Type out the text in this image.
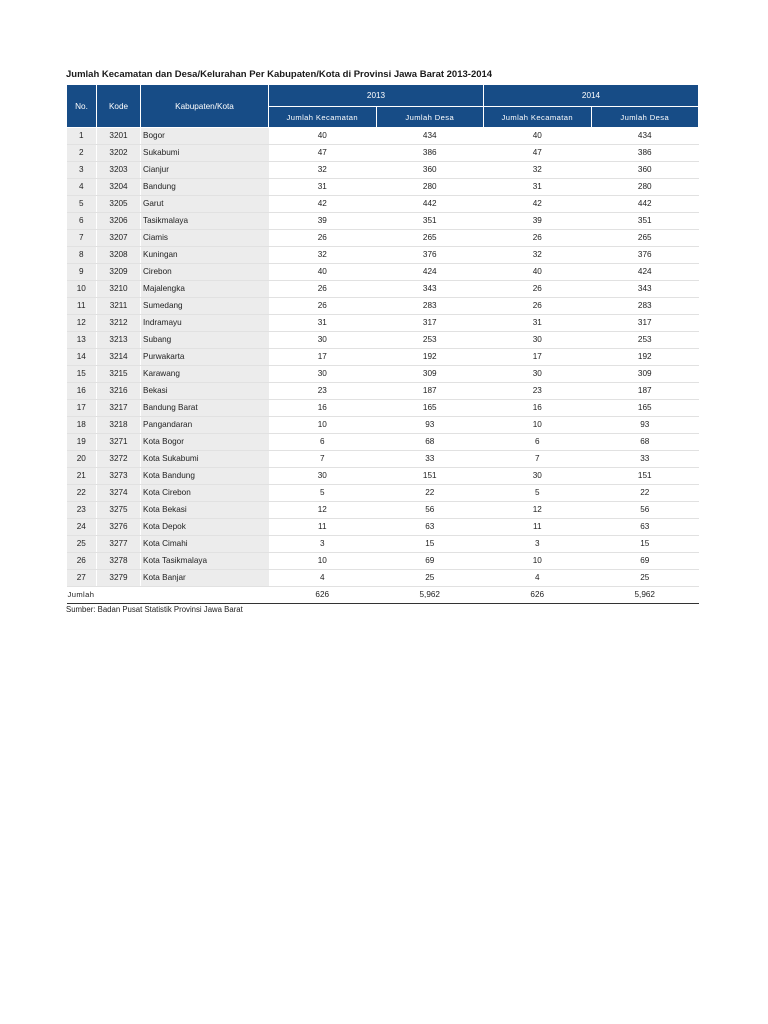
Jumlah Kecamatan dan Desa/Kelurahan Per Kabupaten/Kota di Provinsi Jawa Barat 2013-2014
No.	Kode	Kabupaten/Kota	2013		2014	
			Jumlah Kecamatan	Jumlah Desa	Jumlah Kecamatan	Jumlah Desa
1	3201	Bogor	40	434	40	434
2	3202	Sukabumi	47	386	47	386
3	3203	Cianjur	32	360	32	360
4	3204	Bandung	31	280	31	280
5	3205	Garut	42	442	42	442
6	3206	Tasikmalaya	39	351	39	351
7	3207	Ciamis	26	265	26	265
8	3208	Kuningan	32	376	32	376
9	3209	Cirebon	40	424	40	424
10	3210	Majalengka	26	343	26	343
11	3211	Sumedang	26	283	26	283
12	3212	Indramayu	31	317	31	317
13	3213	Subang	30	253	30	253
14	3214	Purwakarta	17	192	17	192
15	3215	Karawang	30	309	30	309
16	3216	Bekasi	23	187	23	187
17	3217	Bandung Barat	16	165	16	165
18	3218	Pangandaran	10	93	10	93
19	3271	Kota Bogor	6	68	6	68
20	3272	Kota Sukabumi	7	33	7	33
21	3273	Kota Bandung	30	151	30	151
22	3274	Kota Cirebon	5	22	5	22
23	3275	Kota Bekasi	12	56	12	56
24	3276	Kota Depok	11	63	11	63
25	3277	Kota Cimahi	3	15	3	15
26	3278	Kota Tasikmalaya	10	69	10	69
27	3279	Kota Banjar	4	25	4	25
Jumlah			626	5,962	626	5,962
Sumber: Badan Pusat Statistik Provinsi Jawa Barat
